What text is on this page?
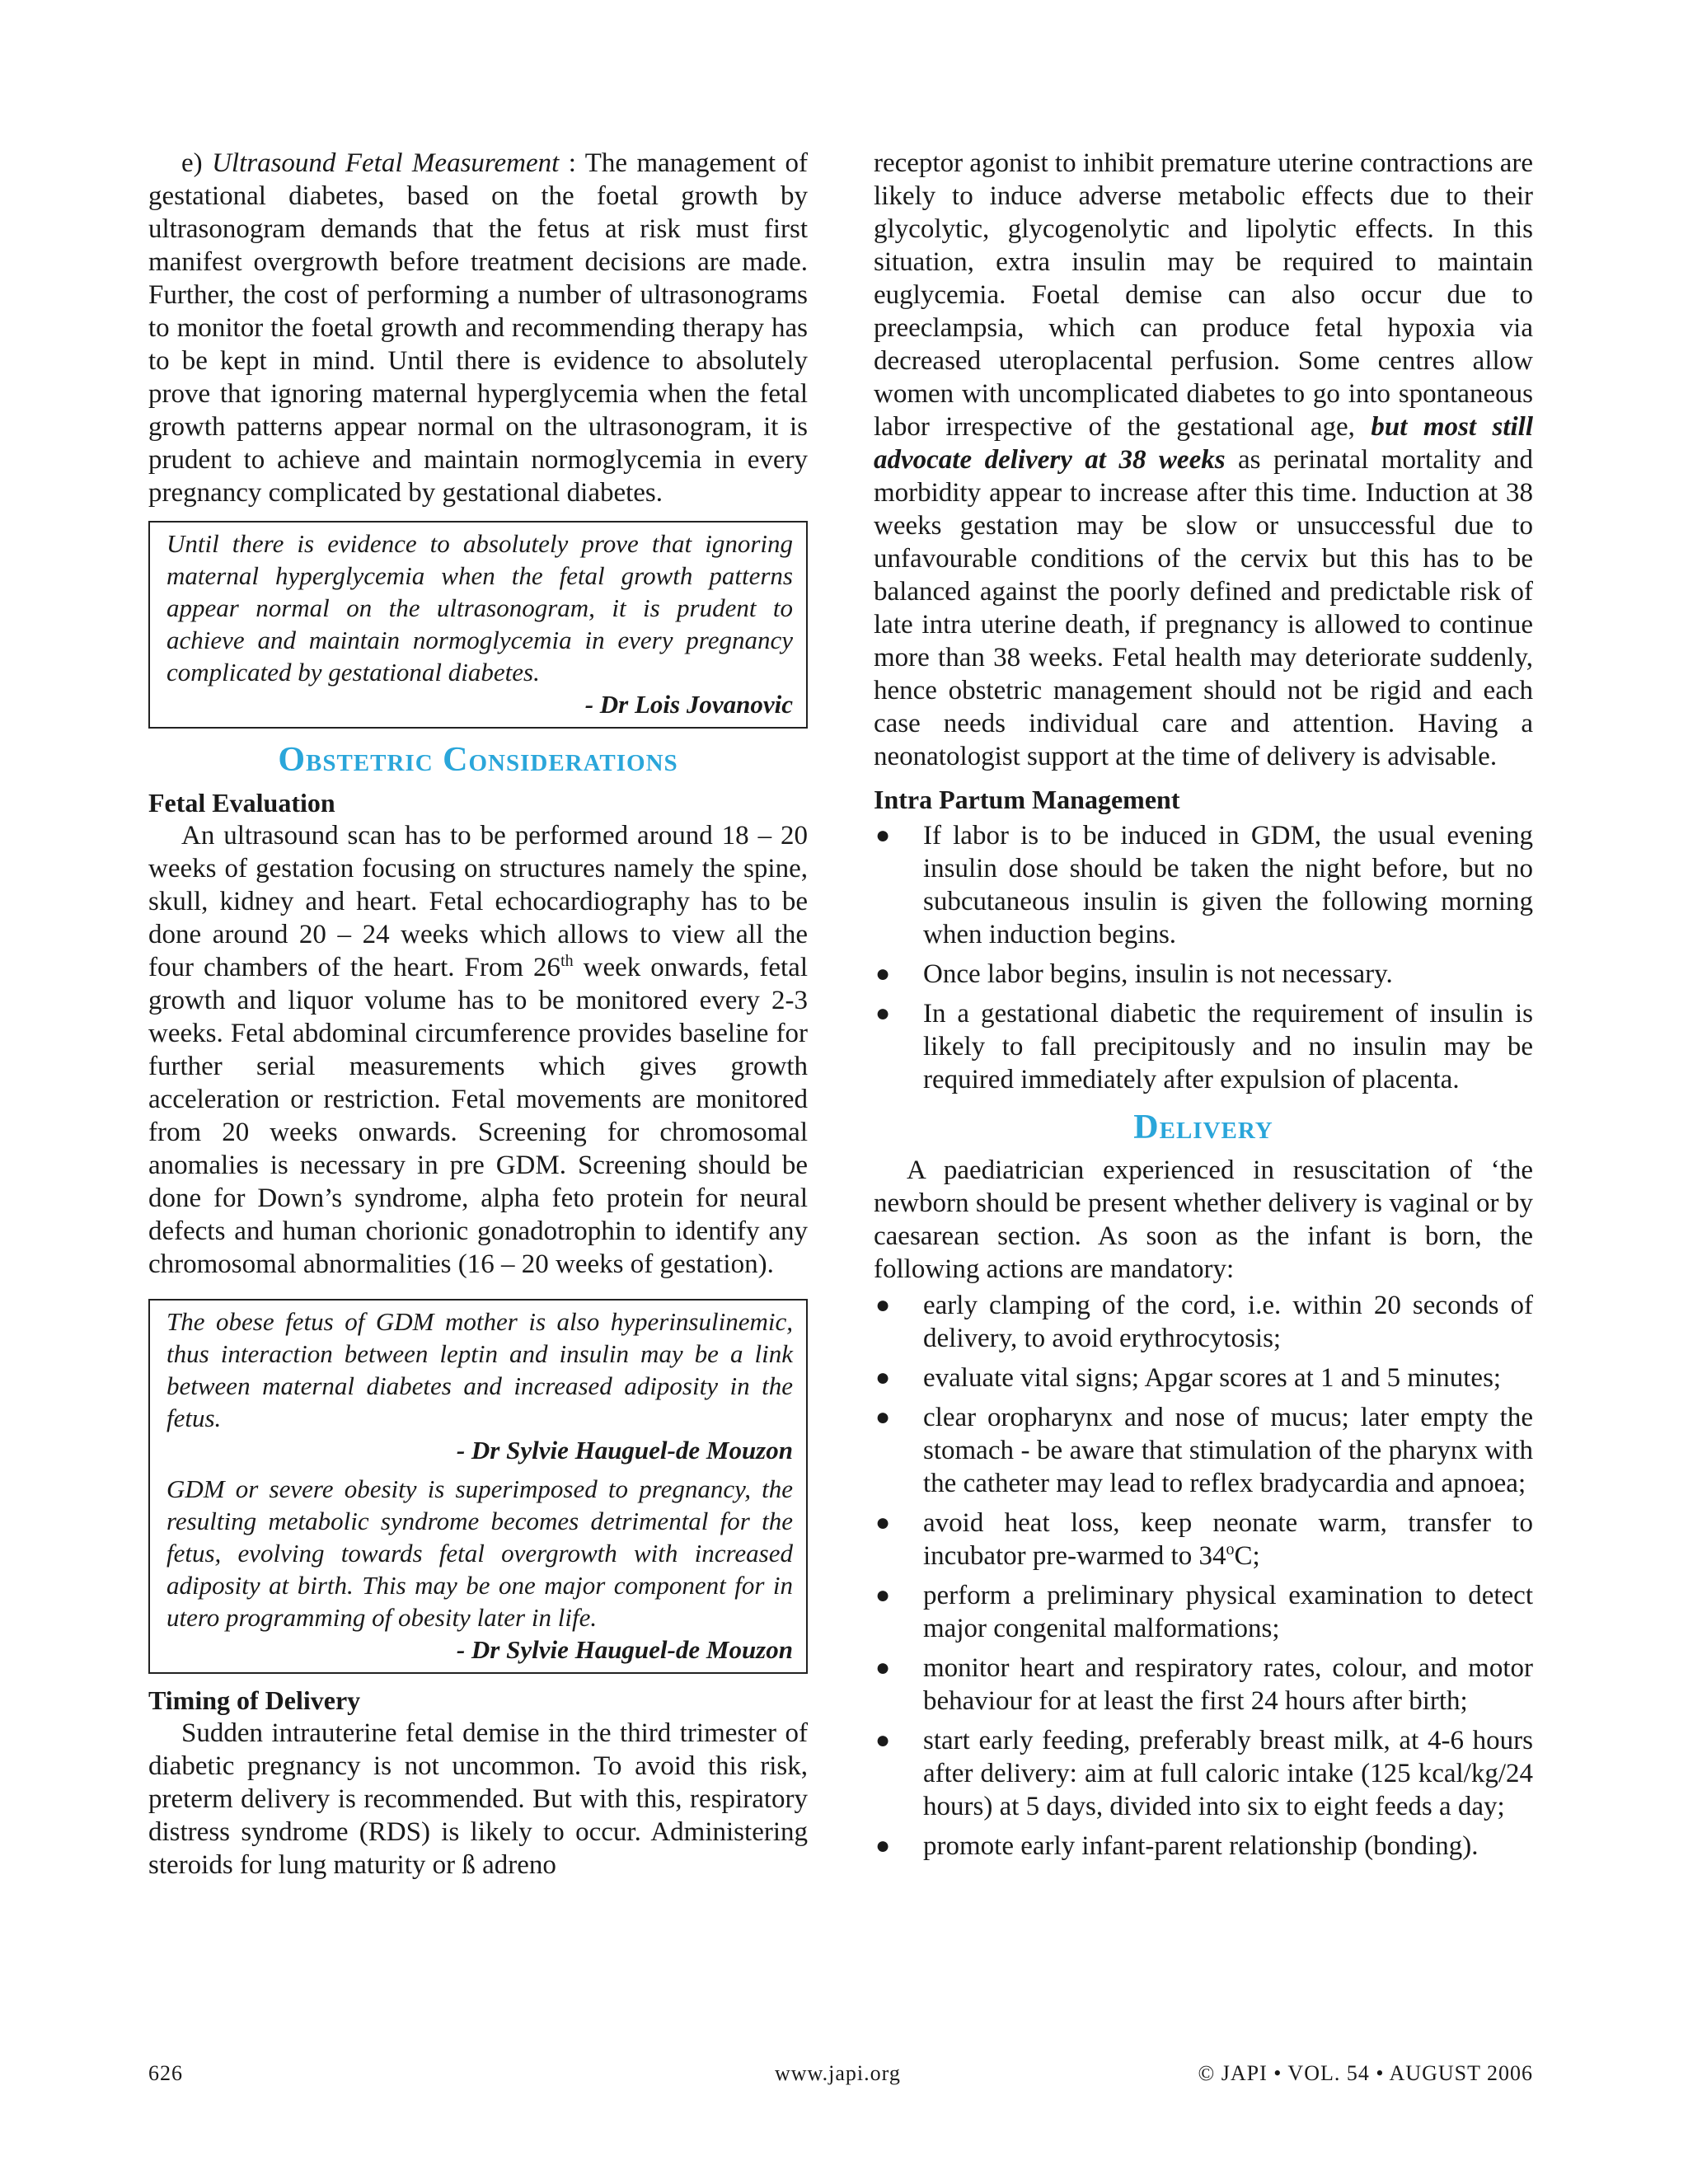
e) Ultrasound Fetal Measurement : The management of gestational diabetes, based on the foetal growth by ultrasonogram demands that the fetus at risk must first manifest overgrowth before treatment decisions are made. Further, the cost of performing a number of ultrasonograms to monitor the foetal growth and recommending therapy has to be kept in mind. Until there is evidence to absolutely prove that ignoring maternal hyperglycemia when the fetal growth patterns appear normal on the ultrasonogram, it is prudent to achieve and maintain normoglycemia in every pregnancy complicated by gestational diabetes.

Until there is evidence to absolutely prove that ignoring maternal hyperglycemia when the fetal growth patterns appear normal on the ultrasonogram, it is prudent to achieve and maintain normoglycemia in every pregnancy complicated by gestational diabetes.

- Dr Lois Jovanovic

Obstetric Considerations

Fetal Evaluation

An ultrasound scan has to be performed around 18 – 20 weeks of gestation focusing on structures namely the spine, skull, kidney and heart. Fetal echocardiography has to be done around 20 – 24 weeks which allows to view all the four chambers of the heart. From 26th week onwards, fetal growth and liquor volume has to be monitored every 2-3 weeks. Fetal abdominal circumference provides baseline for further serial measurements which gives growth acceleration or restriction. Fetal movements are monitored from 20 weeks onwards. Screening for chromosomal anomalies is necessary in pre GDM. Screening should be done for Down’s syndrome, alpha feto protein for neural defects and human chorionic gonadotrophin to identify any chromosomal abnormalities (16 – 20 weeks of gestation).

The obese fetus of GDM mother is also hyperinsulinemic, thus interaction between leptin and insulin may be a link between maternal diabetes and increased adiposity in the fetus.

- Dr Sylvie Hauguel-de Mouzon

GDM or severe obesity is superimposed to pregnancy, the resulting metabolic syndrome becomes detrimental for the fetus, evolving towards fetal overgrowth with increased adiposity at birth. This may be one major component for in utero programming of obesity later in life.

- Dr Sylvie Hauguel-de Mouzon

Timing of Delivery

Sudden intrauterine fetal demise in the third trimester of diabetic pregnancy is not uncommon. To avoid this risk, preterm delivery is recommended. But with this, respiratory distress syndrome (RDS) is likely to occur. Administering steroids for lung maturity or ß adreno

receptor agonist to inhibit premature uterine contractions are likely to induce adverse metabolic effects due to their glycolytic, glycogenolytic and lipolytic effects. In this situation, extra insulin may be required to maintain euglycemia. Foetal demise can also occur due to preeclampsia, which can produce fetal hypoxia via decreased uteroplacental perfusion. Some centres allow women with uncomplicated diabetes to go into spontaneous labor irrespective of the gestational age, but most still advocate delivery at 38 weeks as perinatal mortality and morbidity appear to increase after this time. Induction at 38 weeks gestation may be slow or unsuccessful due to unfavourable conditions of the cervix but this has to be balanced against the poorly defined and predictable risk of late intra uterine death, if pregnancy is allowed to continue more than 38 weeks. Fetal health may deteriorate suddenly, hence obstetric management should not be rigid and each case needs individual care and attention. Having a neonatologist support at the time of delivery is advisable.

Intra Partum Management

● If labor is to be induced in GDM, the usual evening insulin dose should be taken the night before, but no subcutaneous insulin is given the following morning when induction begins.
● Once labor begins, insulin is not necessary.
● In a gestational diabetic the requirement of insulin is likely to fall precipitously and no insulin may be required immediately after expulsion of placenta.
Delivery

A paediatrician experienced in resuscitation of ‘the newborn should be present whether delivery is vaginal or by caesarean section. As soon as the infant is born, the following actions are mandatory:

● early clamping of the cord, i.e. within 20 seconds of delivery, to avoid erythrocytosis;
● evaluate vital signs; Apgar scores at 1 and 5 minutes;
● clear oropharynx and nose of mucus; later empty the stomach - be aware that stimulation of the pharynx with the catheter may lead to reflex bradycardia and apnoea;
● avoid heat loss, keep neonate warm, transfer to incubator pre-warmed to 34$^o$C;
● perform a preliminary physical examination to detect major congenital malformations;
● monitor heart and respiratory rates, colour, and motor behaviour for at least the first 24 hours after birth;
● start early feeding, preferably breast milk, at 4-6 hours after delivery: aim at full caloric intake (125 kcal/kg/24 hours) at 5 days, divided into six to eight feeds a day;
● promote early infant-parent relationship (bonding).
626	www.japi.org	© JAPI • VOL. 54 • AUGUST 2006
